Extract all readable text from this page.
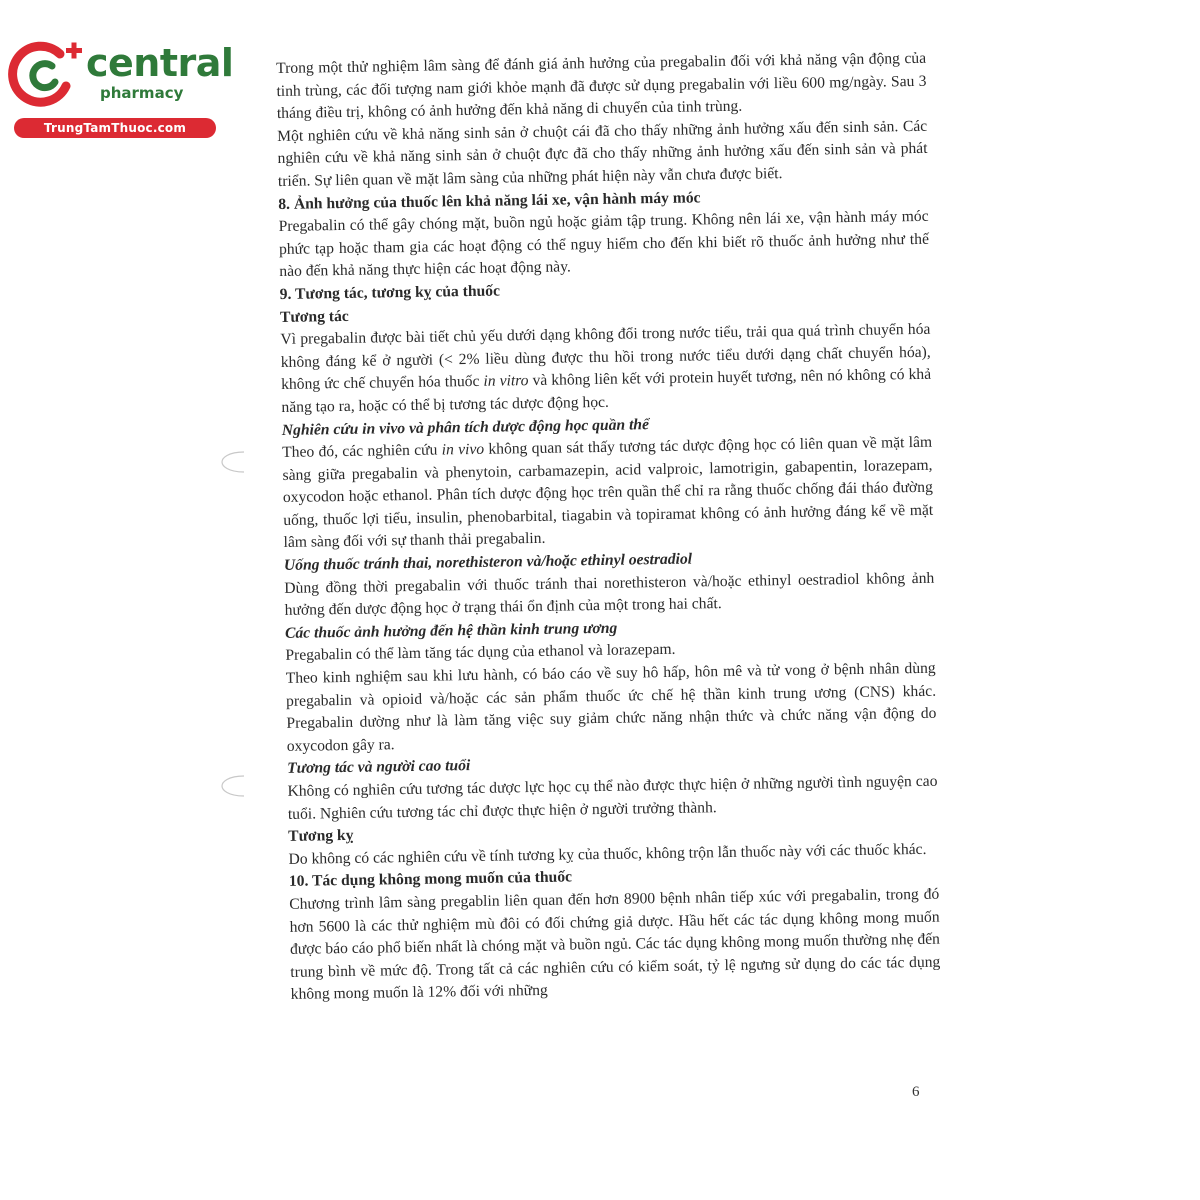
central
pharmacy
TrungTamThuoc.com

Trong một thử nghiệm lâm sàng để đánh giá ảnh hưởng của pregabalin đối với khả năng vận động của tinh trùng, các đối tượng nam giới khỏe mạnh đã được sử dụng pregabalin với liều 600 mg/ngày. Sau 3 tháng điều trị, không có ảnh hưởng đến khả năng di chuyển của tinh trùng.

Một nghiên cứu về khả năng sinh sản ở chuột cái đã cho thấy những ảnh hưởng xấu đến sinh sản. Các nghiên cứu về khả năng sinh sản ở chuột đực đã cho thấy những ảnh hưởng xấu đến sinh sản và phát triển. Sự liên quan về mặt lâm sàng của những phát hiện này vẫn chưa được biết.

8. Ảnh hưởng của thuốc lên khả năng lái xe, vận hành máy móc

Pregabalin có thể gây chóng mặt, buồn ngủ hoặc giảm tập trung. Không nên lái xe, vận hành máy móc phức tạp hoặc tham gia các hoạt động có thể nguy hiểm cho đến khi biết rõ thuốc ảnh hưởng như thế nào đến khả năng thực hiện các hoạt động này.

9. Tương tác, tương kỵ của thuốc
Tương tác

Vì pregabalin được bài tiết chủ yếu dưới dạng không đổi trong nước tiểu, trải qua quá trình chuyển hóa không đáng kể ở người (< 2% liều dùng được thu hồi trong nước tiểu dưới dạng chất chuyển hóa), không ức chế chuyển hóa thuốc in vitro và không liên kết với protein huyết tương, nên nó không có khả năng tạo ra, hoặc có thể bị tương tác dược động học.

Nghiên cứu in vivo và phân tích dược động học quần thể

Theo đó, các nghiên cứu in vivo không quan sát thấy tương tác dược động học có liên quan về mặt lâm sàng giữa pregabalin và phenytoin, carbamazepin, acid valproic, lamotrigin, gabapentin, lorazepam, oxycodon hoặc ethanol. Phân tích dược động học trên quần thể chỉ ra rằng thuốc chống đái tháo đường uống, thuốc lợi tiểu, insulin, phenobarbital, tiagabin và topiramat không có ảnh hưởng đáng kể về mặt lâm sàng đối với sự thanh thải pregabalin.

Uống thuốc tránh thai, norethisteron và/hoặc ethinyl oestradiol

Dùng đồng thời pregabalin với thuốc tránh thai norethisteron và/hoặc ethinyl oestradiol không ảnh hưởng đến dược động học ở trạng thái ổn định của một trong hai chất.

Các thuốc ảnh hưởng đến hệ thần kinh trung ương

Pregabalin có thể làm tăng tác dụng của ethanol và lorazepam.

Theo kinh nghiệm sau khi lưu hành, có báo cáo về suy hô hấp, hôn mê và tử vong ở bệnh nhân dùng pregabalin và opioid và/hoặc các sản phẩm thuốc ức chế hệ thần kinh trung ương (CNS) khác. Pregabalin dường như là làm tăng việc suy giảm chức năng nhận thức và chức năng vận động do oxycodon gây ra.

Tương tác và người cao tuổi

Không có nghiên cứu tương tác dược lực học cụ thể nào được thực hiện ở những người tình nguyện cao tuổi. Nghiên cứu tương tác chỉ được thực hiện ở người trưởng thành.

Tương kỵ

Do không có các nghiên cứu về tính tương kỵ của thuốc, không trộn lẫn thuốc này với các thuốc khác.

10. Tác dụng không mong muốn của thuốc

Chương trình lâm sàng pregablin liên quan đến hơn 8900 bệnh nhân tiếp xúc với pregabalin, trong đó hơn 5600 là các thử nghiệm mù đôi có đối chứng giả dược. Hầu hết các tác dụng không mong muốn được báo cáo phổ biến nhất là chóng mặt và buồn ngủ. Các tác dụng không mong muốn thường nhẹ đến trung bình về mức độ. Trong tất cả các nghiên cứu có kiểm soát, tỷ lệ ngưng sử dụng do các tác dụng không mong muốn là 12% đối với những

6
